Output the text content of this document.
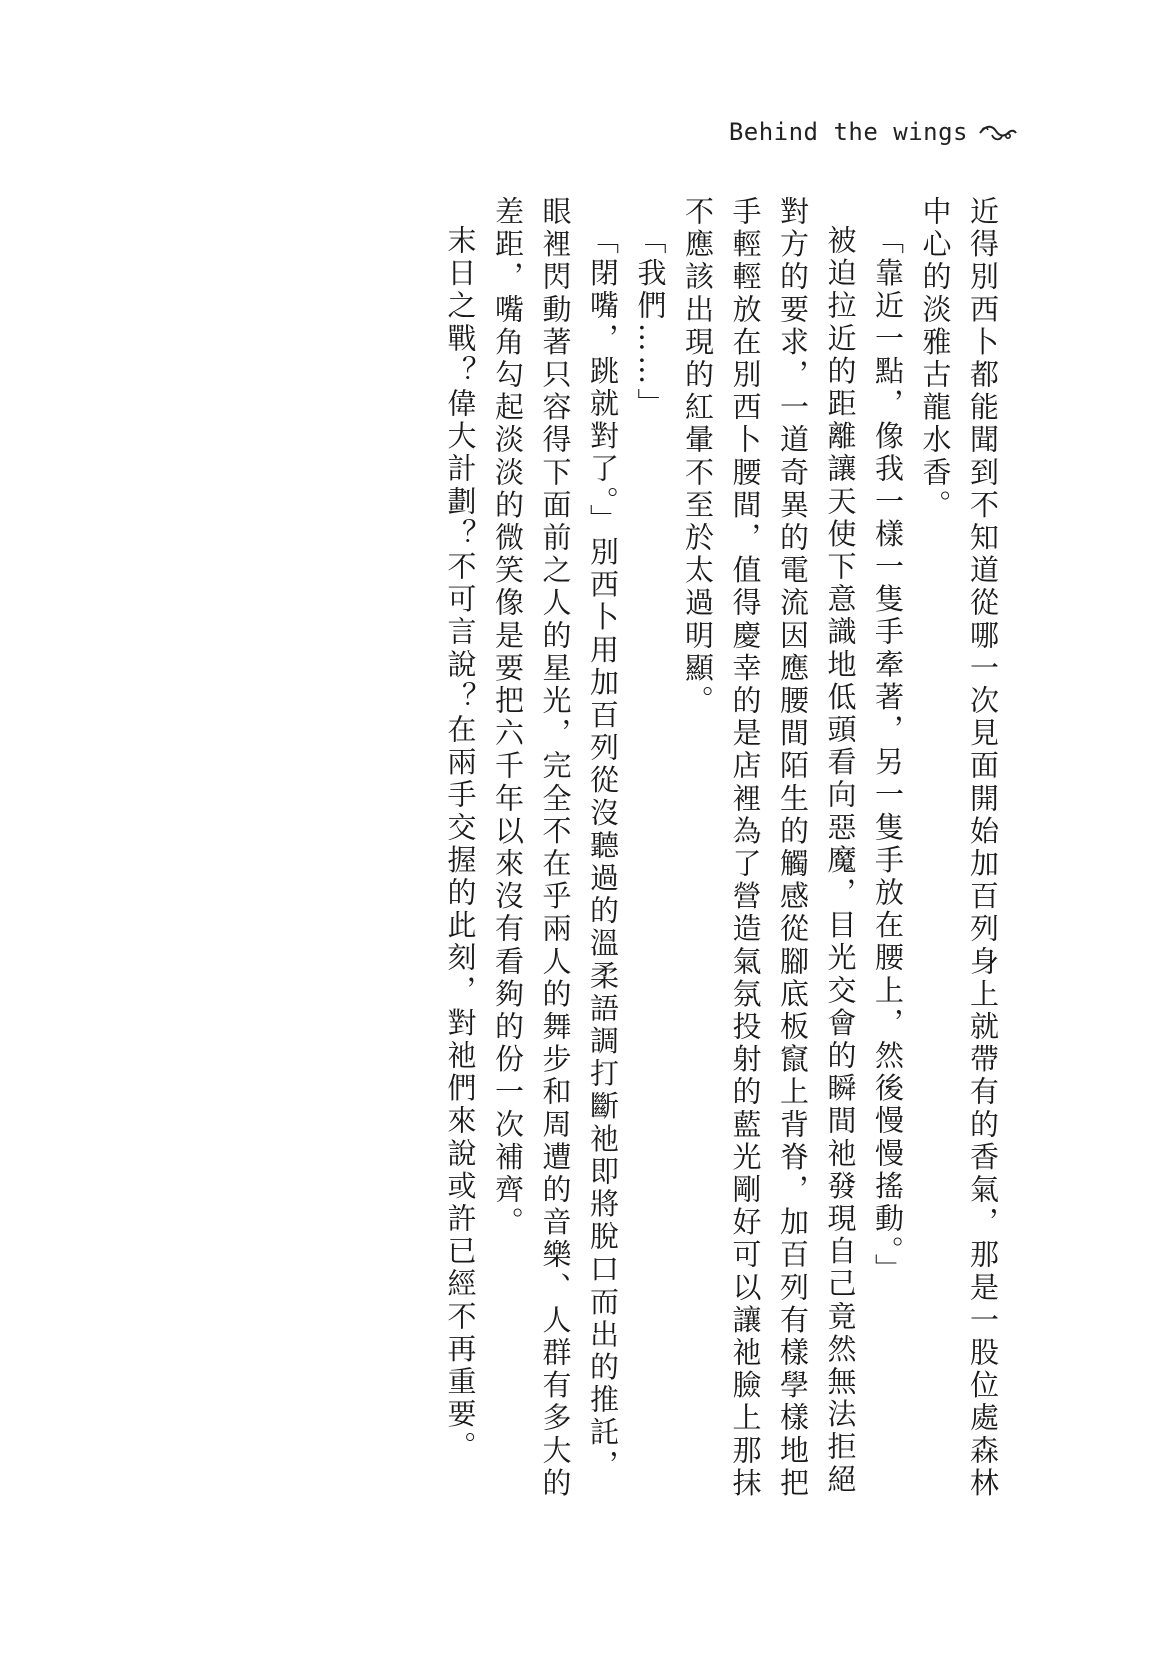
Behind the wings

近得別西卜都能聞到不知道從哪一次見面開始加百列身上就帶有的香氣，那是一股位處森林中心的淡雅古龍水香。

「靠近一點，像我一樣一隻手牽著，另一隻手放在腰上，然後慢慢搖動。」

被迫拉近的距離讓天使下意識地低頭看向惡魔，目光交會的瞬間祂發現自己竟然無法拒絕對方的要求，一道奇異的電流因應腰間陌生的觸感從腳底板竄上背脊，加百列有樣學樣地把手輕輕放在別西卜腰間，值得慶幸的是店裡為了營造氣氛投射的藍光剛好可以讓祂臉上那抹不應該出現的紅暈不至於太過明顯。

「我們……」

「閉嘴，跳就對了。」別西卜用加百列從沒聽過的溫柔語調打斷祂即將脫口而出的推託，眼裡閃動著只容得下面前之人的星光，完全不在乎兩人的舞步和周遭的音樂、人群有多大的差距，嘴角勾起淡淡的微笑像是要把六千年以來沒有看夠的份一次補齊。

末日之戰？偉大計劃？不可言說？在兩手交握的此刻，對祂們來說或許已經不再重要。
